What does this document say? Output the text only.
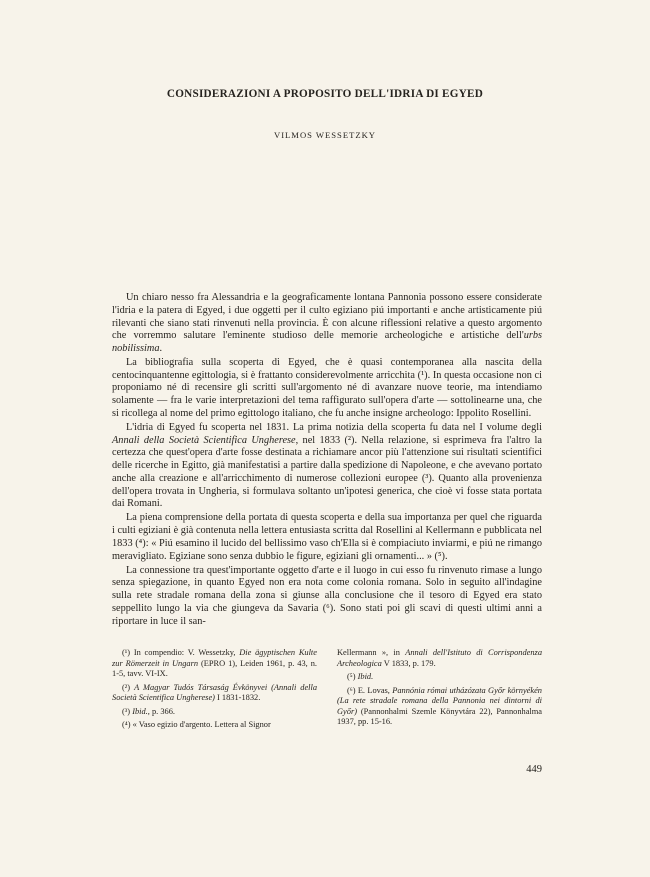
CONSIDERAZIONI A PROPOSITO DELL'IDRIA DI EGYED

VILMOS WESSETZKY

Un chiaro nesso fra Alessandria e la geograficamente lontana Pannonia possono essere considerate l'idria e la patera di Egyed, i due oggetti per il culto egiziano piú importanti e anche artisticamente piú rilevanti che siano stati rinvenuti nella provincia. È con alcune riflessioni relative a questo argomento che vorremmo salutare l'eminente studioso delle memorie archeologiche e artistiche dell'urbs nobilissima.

La bibliografia sulla scoperta di Egyed, che è quasi contemporanea alla nascita della centocinquantenne egittologia, si è frattanto considerevolmente arricchita (¹). In questa occasione non ci proponiamo né di recensire gli scritti sull'argomento né di avanzare nuove teorie, ma intendiamo solamente — fra le varie interpretazioni del tema raffigurato sull'opera d'arte — sottolinearne una, che si ricollega al nome del primo egittologo italiano, che fu anche insigne archeologo: Ippolito Rosellini.

L'idria di Egyed fu scoperta nel 1831. La prima notizia della scoperta fu data nel I volume degli Annali della Società Scientifica Ungherese, nel 1833 (²). Nella relazione, si esprimeva fra l'altro la certezza che quest'opera d'arte fosse destinata a richiamare ancor più l'attenzione sui risultati scientifici delle ricerche in Egitto, già manifestatisi a partire dalla spedizione di Napoleone, e che avevano portato anche alla creazione e all'arricchimento di numerose collezioni europee (³). Quanto alla provenienza dell'opera trovata in Ungheria, si formulava soltanto un'ipotesi generica, che cioè vi fosse stata portata dai Romani.

La piena comprensione della portata di questa scoperta e della sua importanza per quel che riguarda i culti egiziani è già contenuta nella lettera entusiasta scritta dal Rosellini al Kellermann e pubblicata nel 1833 (⁴): « Piú esamino il lucido del bellissimo vaso ch'Ella si è compiaciuto inviarmi, e piú ne rimango meravigliato. Egiziane sono senza dubbio le figure, egiziani gli ornamenti... » (⁵).

La connessione tra quest'importante oggetto d'arte e il luogo in cui esso fu rinvenuto rimase a lungo senza spiegazione, in quanto Egyed non era nota come colonia romana. Solo in seguito all'indagine sulla rete stradale romana della zona si giunse alla conclusione che il tesoro di Egyed era stato seppellito lungo la via che giungeva da Savaria (⁶). Sono stati poi gli scavi di questi ultimi anni a riportare in luce il san-

(¹) In compendio: V. Wessetzky, Die ägyptischen Kulte zur Römerzeit in Ungarn (EPRO 1), Leiden 1961, p. 43, n. 1-5, tavv. VI-IX.

(²) A Magyar Tudós Társaság Évkönyvei (Annali della Società Scientifica Ungherese) I 1831-1832.

(³) Ibid., p. 366.

(⁴) « Vaso egizio d'argento. Lettera al Signor

Kellermann », in Annali dell'Istituto di Corrispondenza Archeologica V 1833, p. 179.

(⁵) Ibid.

(⁶) E. Lovas, Pannónia római utházózata Győr környékén (La rete stradale romana della Pannonia nei dintorni di Győr) (Pannonhalmi Szemle Könyvtára 22), Pannonhalma 1937, pp. 15-16.

449
